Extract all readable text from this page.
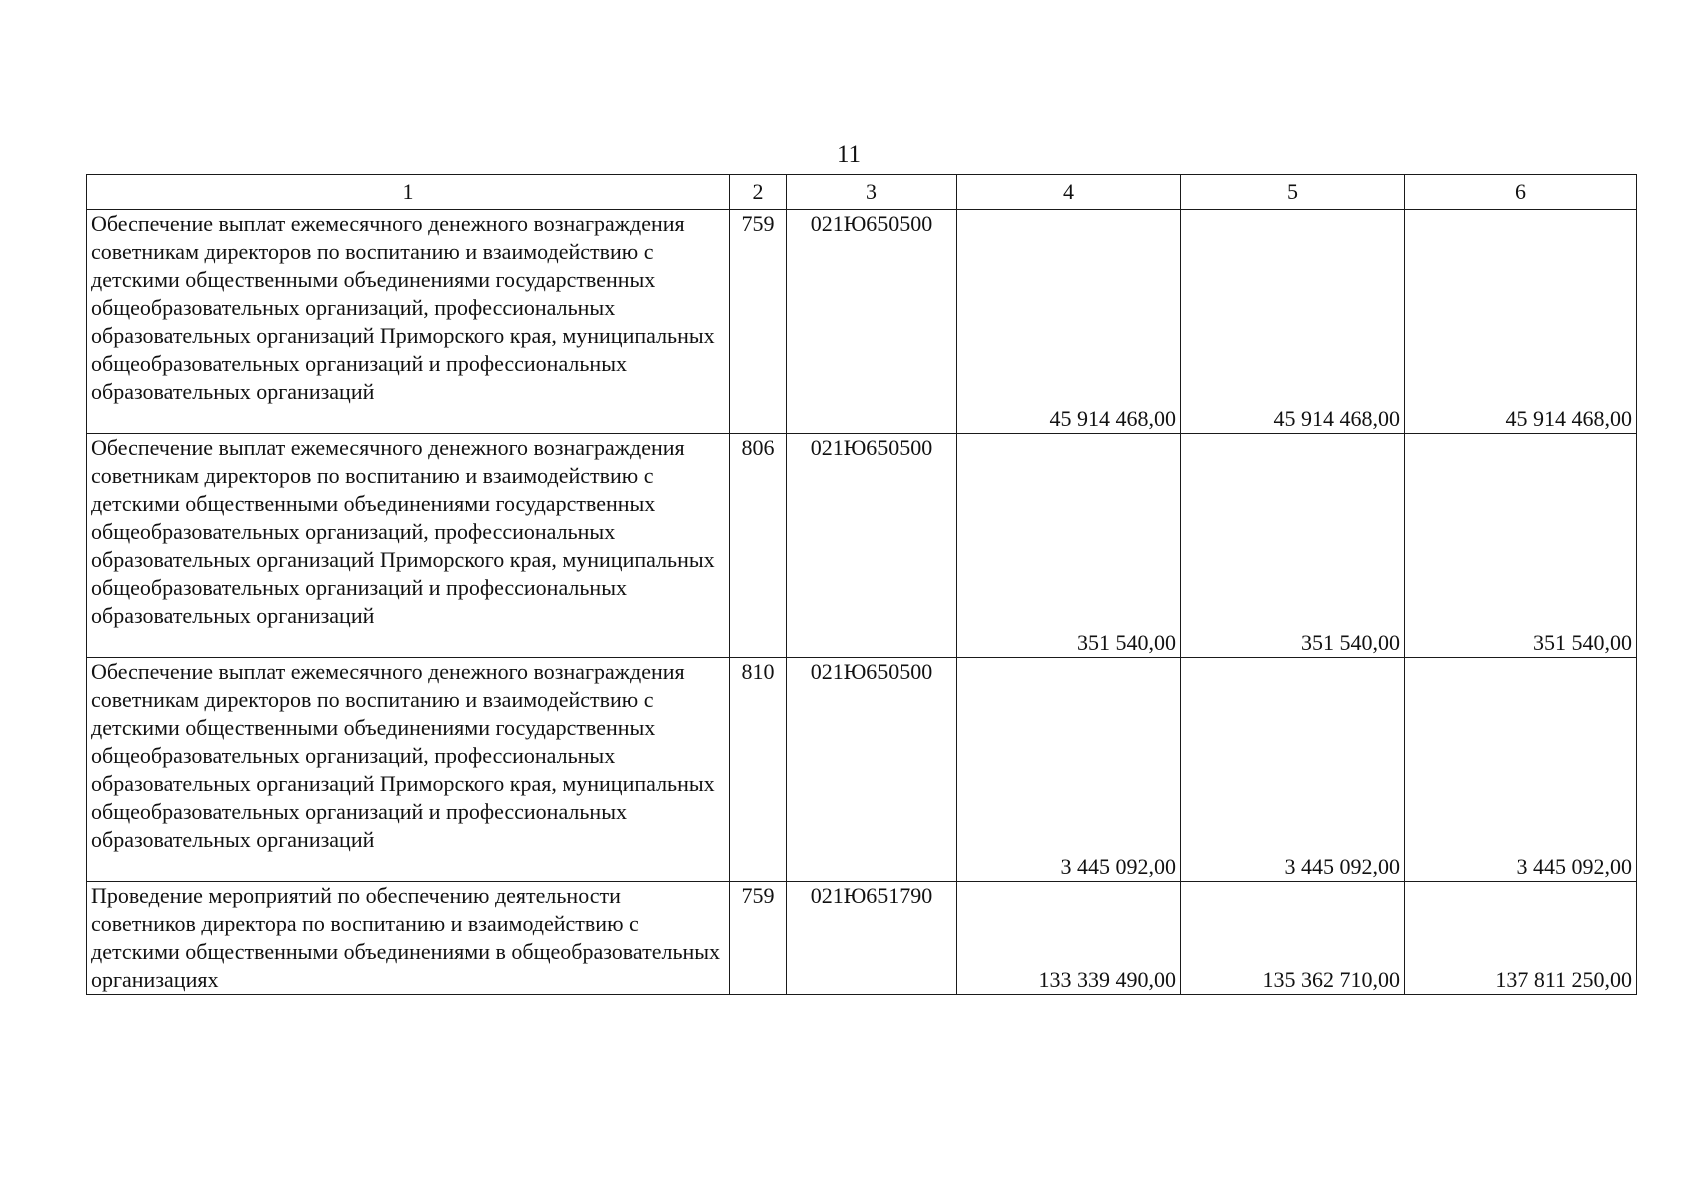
11
1	2	3	4	5	6
Обеспечение выплат ежемесячного денежного вознаграждения советникам директоров по воспитанию и взаимодействию с детскими общественными объединениями государственных общеобразовательных организаций, профессиональных образовательных организаций Приморского края, муниципальных общеобразовательных организаций и профессиональных образовательных организаций	759	021Ю650500	45 914 468,00	45 914 468,00	45 914 468,00
Обеспечение выплат ежемесячного денежного вознаграждения советникам директоров по воспитанию и взаимодействию с детскими общественными объединениями государственных общеобразовательных организаций, профессиональных образовательных организаций Приморского края, муниципальных общеобразовательных организаций и профессиональных образовательных организаций	806	021Ю650500	351 540,00	351 540,00	351 540,00
Обеспечение выплат ежемесячного денежного вознаграждения советникам директоров по воспитанию и взаимодействию с детскими общественными объединениями государственных общеобразовательных организаций, профессиональных образовательных организаций Приморского края, муниципальных общеобразовательных организаций и профессиональных образовательных организаций	810	021Ю650500	3 445 092,00	3 445 092,00	3 445 092,00
Проведение мероприятий по обеспечению деятельности советников директора по воспитанию и взаимодействию с детскими общественными объединениями в общеобразовательных организациях	759	021Ю651790	133 339 490,00	135 362 710,00	137 811 250,00
